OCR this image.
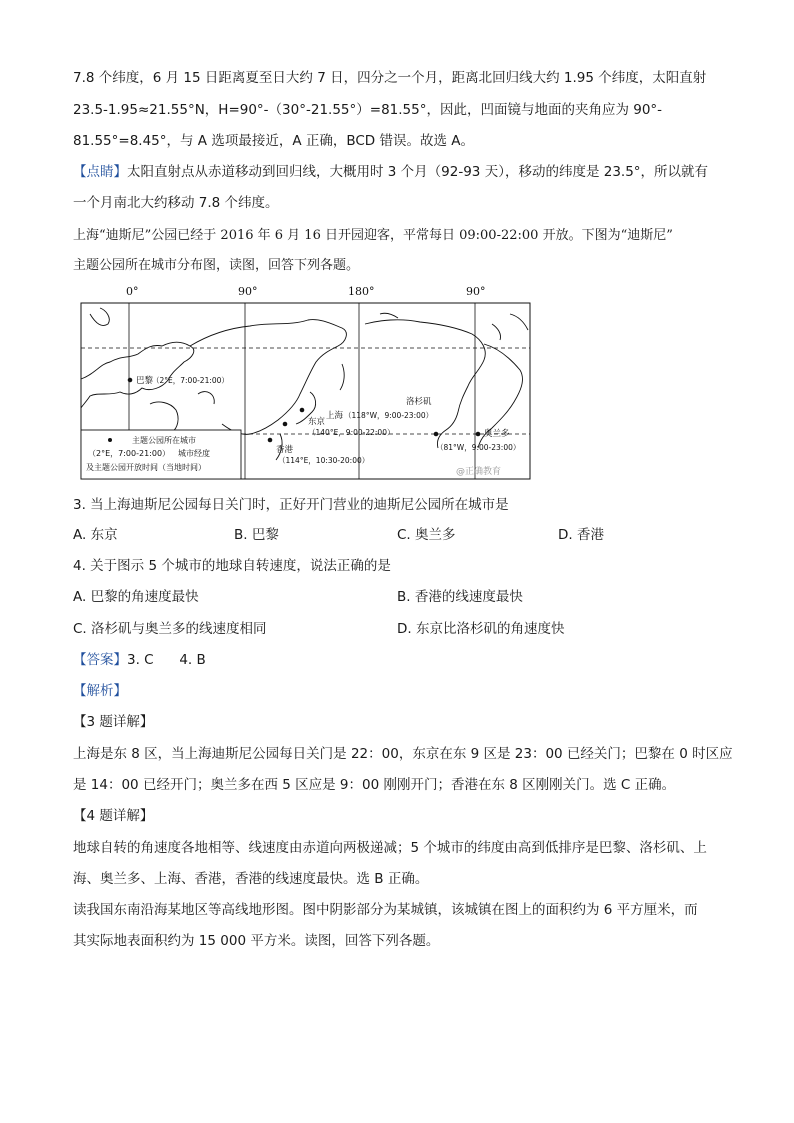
7.8 个纬度，6 月 15 日距离夏至日大约 7 日，四分之一个月，距离北回归线大约 1.95 个纬度，太阳直射
23.5-1.95≈21.55°N，H=90°-（30°-21.55°）=81.55°，因此，凹面镜与地面的夹角应为 90°-
81.55°=8.45°，与 A 选项最接近，A 正确，BCD 错误。故选 A。
【点睛】太阳直射点从赤道移动到回归线，大概用时 3 个月（92-93 天），移动的纬度是 23.5°，所以就有
一个月南北大约移动 7.8 个纬度。
上海“迪斯尼”公园已经于 2016 年 6 月 16 日开园迎客，平常每日 09:00-22:00 开放。下图为“迪斯尼”
主题公园所在城市分布图，读图，回答下列各题。
0°	90°	180°	90°
巴黎
（2°E，7:00-21:00）
东京
（140°E，9:00-22:00）
上海 （118°W，9:00-23:00）
洛杉矶
香港
（114°E，10:30-20:00）
奥兰多
（81°W，9:00-23:00）
主题公园所在城市
（2°E，7:00-21:00） 城市经度
及主题公园开放时间（当地时间）	@正确教育
3. 当上海迪斯尼公园每日关门时，正好开门营业的迪斯尼公园所在城市是
A. 东京	B. 巴黎	C. 奥兰多	D. 香港
4. 关于图示 5 个城市的地球自转速度，说法正确的是
A. 巴黎的角速度最快	B. 香港的线速度最快
C. 洛杉矶与奥兰多的线速度相同	D. 东京比洛杉矶的角速度快
【答案】3. C      4. B
【解析】
【3 题详解】
上海是东 8 区，当上海迪斯尼公园每日关门是 22：00，东京在东 9 区是 23：00 已经关门；巴黎在 0 时区应
是 14：00 已经开门；奥兰多在西 5 区应是 9：00 刚刚开门；香港在东 8 区刚刚关门。选 C 正确。
【4 题详解】
地球自转的角速度各地相等、线速度由赤道向两极递减；5 个城市的纬度由高到低排序是巴黎、洛杉矶、上
海、奥兰多、上海、香港，香港的线速度最快。选 B 正确。
读我国东南沿海某地区等高线地形图。图中阴影部分为某城镇，该城镇在图上的面积约为 6 平方厘米，而
其实际地表面积约为 15 000 平方米。读图，回答下列各题。
